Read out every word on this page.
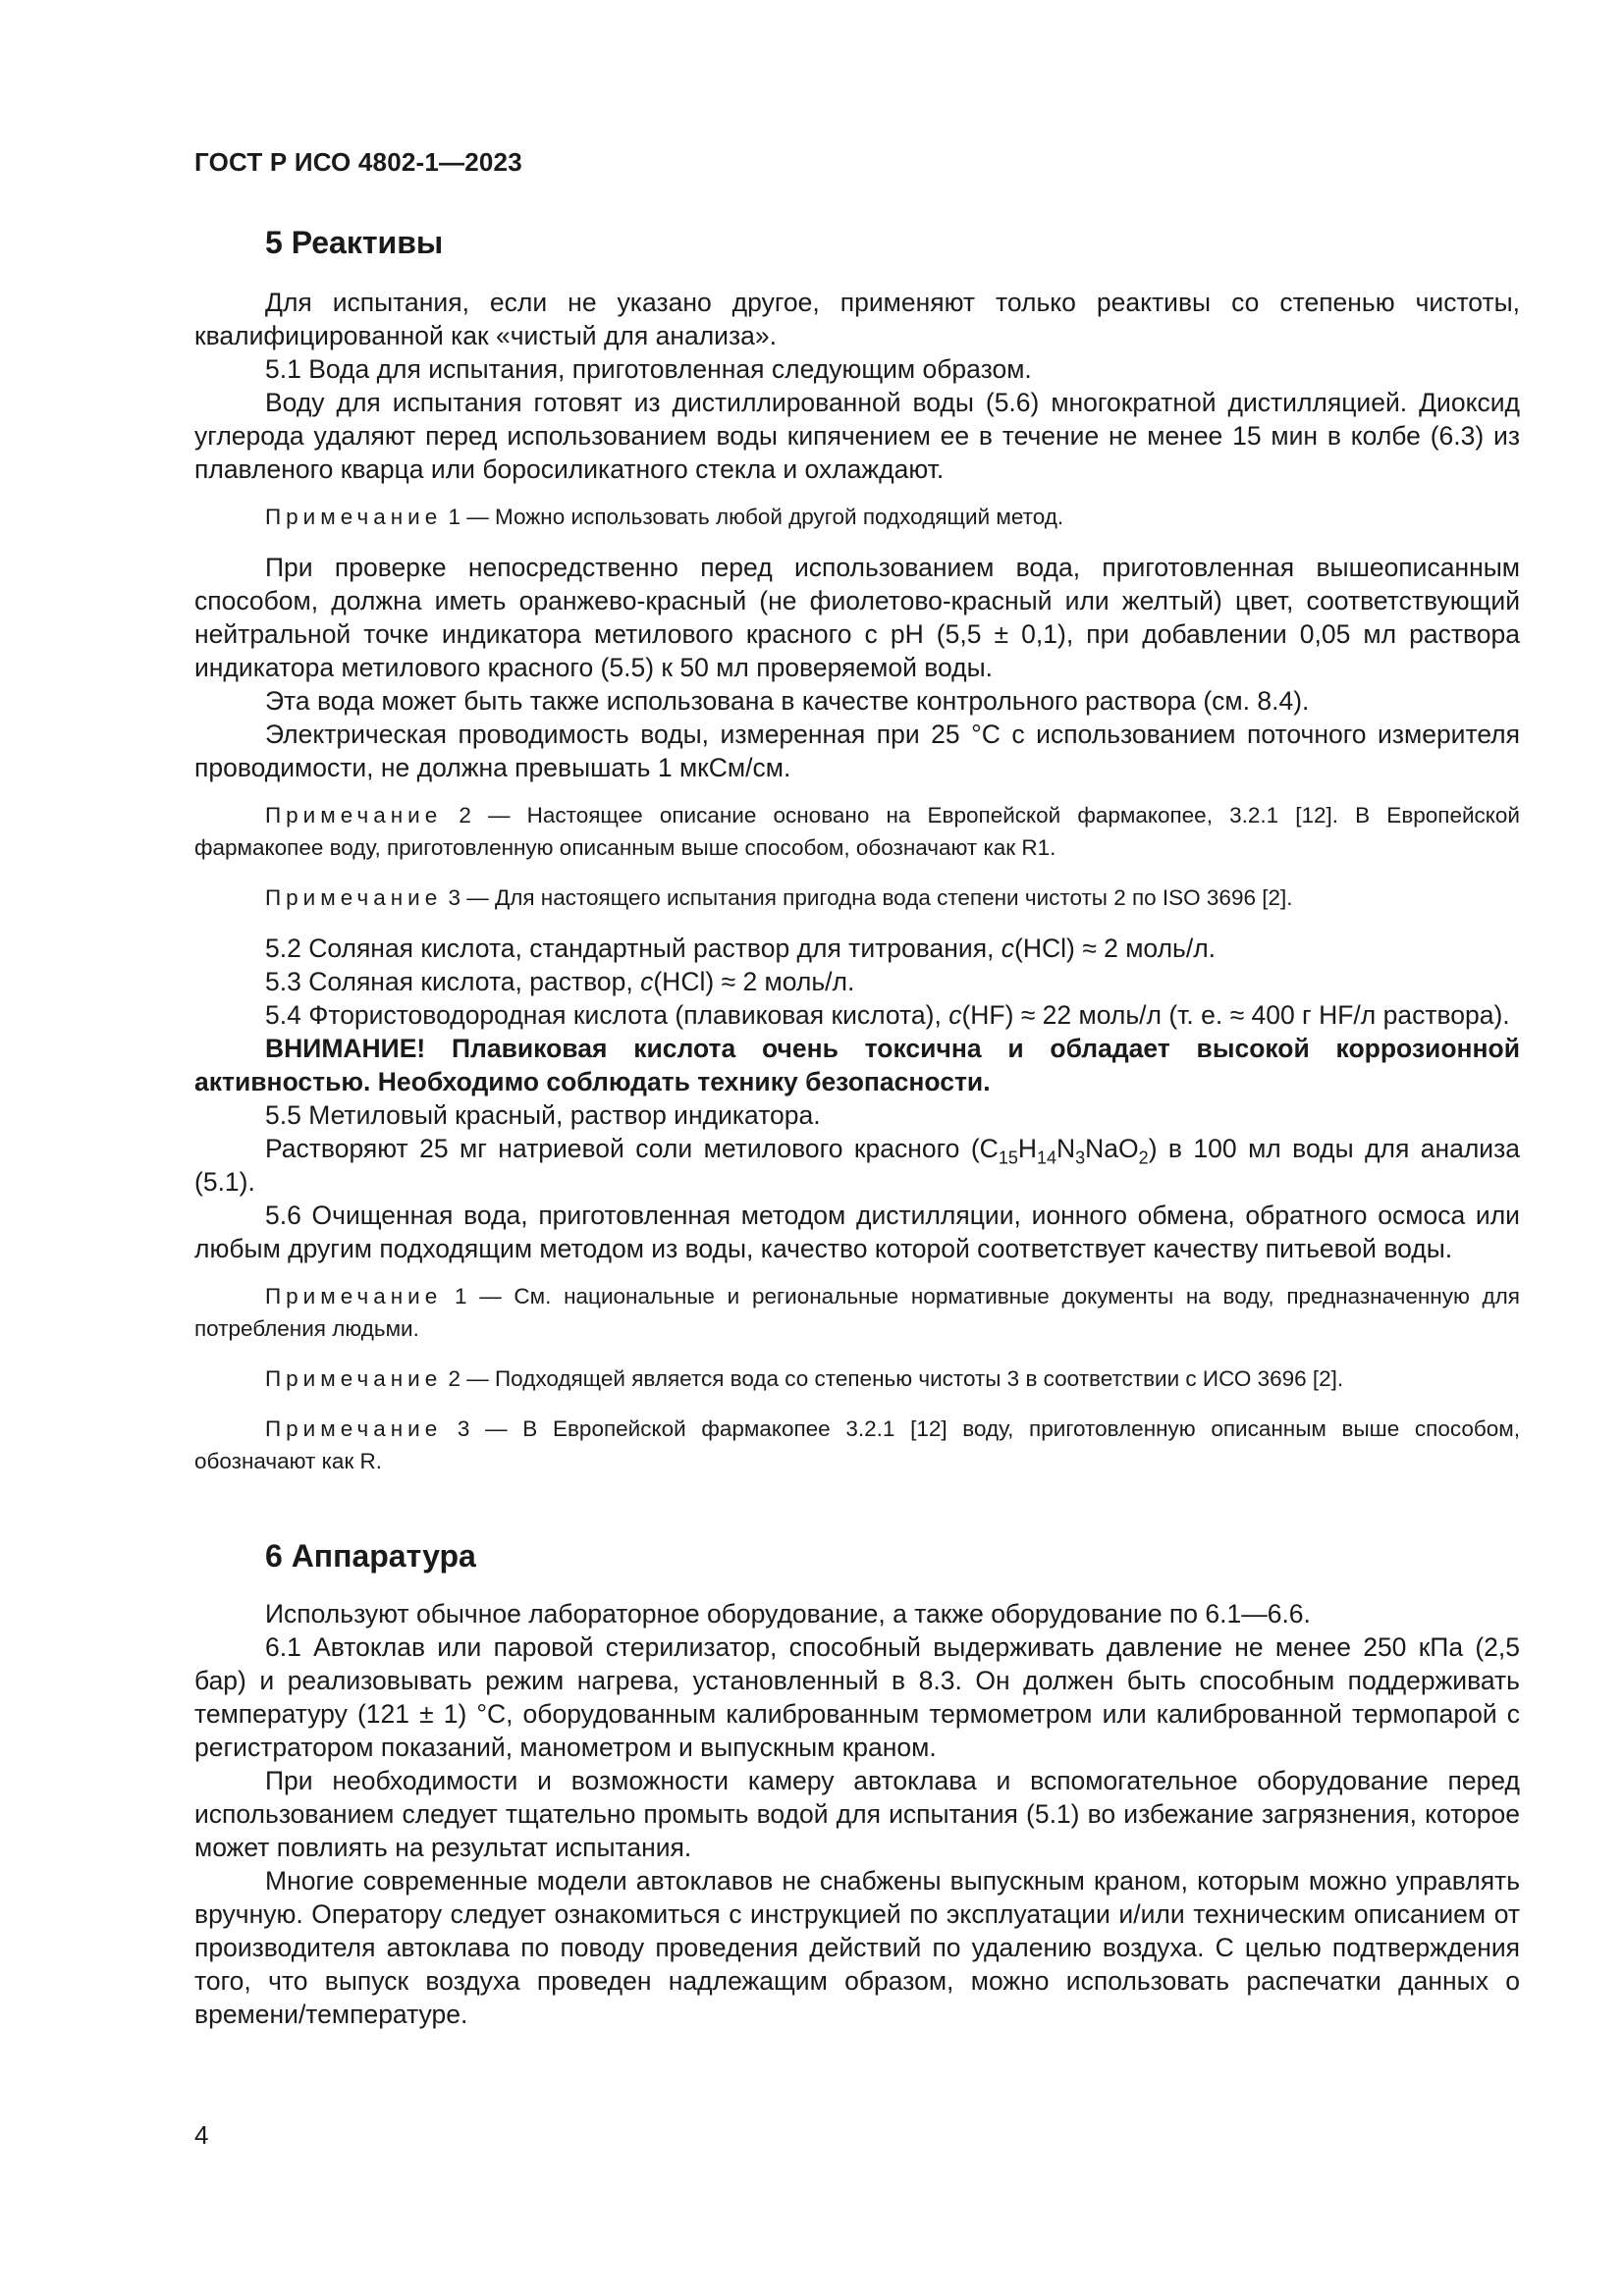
ГОСТ Р ИСО 4802-1—2023
5 Реактивы

Для испытания, если не указано другое, применяют только реактивы со степенью чистоты, квалифицированной как «чистый для анализа».

5.1 Вода для испытания, приготовленная следующим образом.

Воду для испытания готовят из дистиллированной воды (5.6) многократной дистилляцией. Диоксид углерода удаляют перед использованием воды кипячением ее в течение не менее 15 мин в колбе (6.3) из плавленого кварца или боросиликатного стекла и охлаждают.

Примечание 1 — Можно использовать любой другой подходящий метод.

При проверке непосредственно перед использованием вода, приготовленная вышеописанным способом, должна иметь оранжево-красный (не фиолетово-красный или желтый) цвет, соответствующий нейтральной точке индикатора метилового красного с рН (5,5 ± 0,1), при добавлении 0,05 мл раствора индикатора метилового красного (5.5) к 50 мл проверяемой воды.

Эта вода может быть также использована в качестве контрольного раствора (см. 8.4).

Электрическая проводимость воды, измеренная при 25 °С с использованием поточного измерителя проводимости, не должна превышать 1 мкСм/см.

Примечание 2 — Настоящее описание основано на Европейской фармакопее, 3.2.1 [12]. В Европейской фармакопее воду, приготовленную описанным выше способом, обозначают как R1.
Примечание 3 — Для настоящего испытания пригодна вода степени чистоты 2 по ISO 3696 [2].

5.2 Соляная кислота, стандартный раствор для титрования, c(HCl) ≈ 2 моль/л.

5.3 Соляная кислота, раствор, c(HCl) ≈ 2 моль/л.

5.4 Фтористоводородная кислота (плавиковая кислота), c(HF) ≈ 22 моль/л (т. е. ≈ 400 г HF/л раствора).

ВНИМАНИЕ! Плавиковая кислота очень токсична и обладает высокой коррозионной активностью. Необходимо соблюдать технику безопасности.

5.5 Метиловый красный, раствор индикатора.

Растворяют 25 мг натриевой соли метилового красного $(C_{15}H_{14}N_3NaO_2)$ в 100 мл воды для анализа (5.1).

5.6 Очищенная вода, приготовленная методом дистилляции, ионного обмена, обратного осмоса или любым другим подходящим методом из воды, качество которой соответствует качеству питьевой воды.

Примечание 1 — См. национальные и региональные нормативные документы на воду, предназначенную для потребления людьми.
Примечание 2 — Подходящей является вода со степенью чистоты 3 в соответствии с ИСО 3696 [2].
Примечание 3 — В Европейской фармакопее 3.2.1 [12] воду, приготовленную описанным выше способом, обозначают как R.
6 Аппаратура

Используют обычное лабораторное оборудование, а также оборудование по 6.1—6.6.

6.1 Автоклав или паровой стерилизатор, способный выдерживать давление не менее 250 кПа (2,5 бар) и реализовывать режим нагрева, установленный в 8.3. Он должен быть способным поддерживать температуру (121 ± 1) °С, оборудованным калиброванным термометром или калиброванной термопарой с регистратором показаний, манометром и выпускным краном.

При необходимости и возможности камеру автоклава и вспомогательное оборудование перед использованием следует тщательно промыть водой для испытания (5.1) во избежание загрязнения, которое может повлиять на результат испытания.

Многие современные модели автоклавов не снабжены выпускным краном, которым можно управлять вручную. Оператору следует ознакомиться с инструкцией по эксплуатации и/или техническим описанием от производителя автоклава по поводу проведения действий по удалению воздуха. С целью подтверждения того, что выпуск воздуха проведен надлежащим образом, можно использовать распечатки данных о времени/температуре.

4
